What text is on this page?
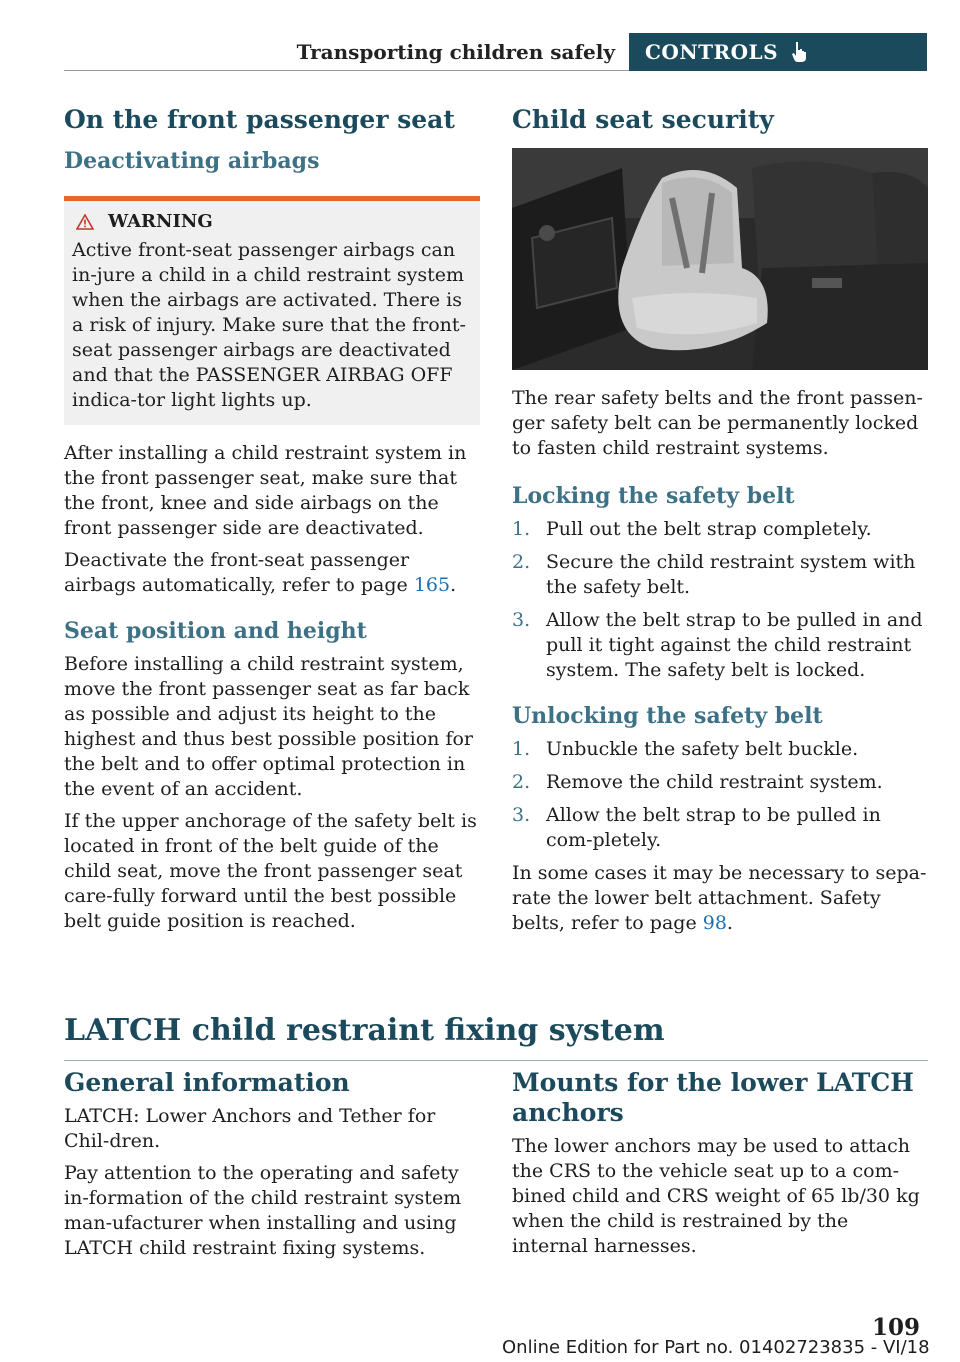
Transporting children safely CONTROLS
On the front passenger seat
Deactivating airbags
WARNING

Active front-seat passenger airbags can in-jure a child in a child restraint system when the airbags are activated. There is a risk of injury. Make sure that the front-seat passenger airbags are deactivated and that the PASSENGER AIRBAG OFF indica-tor light lights up.

After installing a child restraint system in the front passenger seat, make sure that the front, knee and side airbags on the front passenger side are deactivated.

Deactivate the front-seat passenger airbags automatically, refer to page 165.

Seat position and height

Before installing a child restraint system, move the front passenger seat as far back as possible and adjust its height to the highest and thus best possible position for the belt and to offer optimal protection in the event of an accident.

If the upper anchorage of the safety belt is located in front of the belt guide of the child seat, move the front passenger seat care-fully forward until the best possible belt guide position is reached.

Child seat security

The rear safety belts and the front passen-ger safety belt can be permanently locked to fasten child restraint systems.

Locking the safety belt
1. Pull out the belt strap completely.
2. Secure the child restraint system with the safety belt.
3. Allow the belt strap to be pulled in and pull it tight against the child restraint system. The safety belt is locked.
Unlocking the safety belt
1. Unbuckle the safety belt buckle.
2. Remove the child restraint system.
3. Allow the belt strap to be pulled in com-pletely.

In some cases it may be necessary to sepa-rate the lower belt attachment. Safety belts, refer to page 98.

LATCH child restraint fixing system
General information

LATCH: Lower Anchors and Tether for Chil-dren.

Pay attention to the operating and safety in-formation of the child restraint system man-ufacturer when installing and using LATCH child restraint fixing systems.

Mounts for the lower LATCH anchors

The lower anchors may be used to attach the CRS to the vehicle seat up to a com-bined child and CRS weight of 65 lb/30 kg when the child is restrained by the internal harnesses.

109
Online Edition for Part no. 01402723835 - VI/18
